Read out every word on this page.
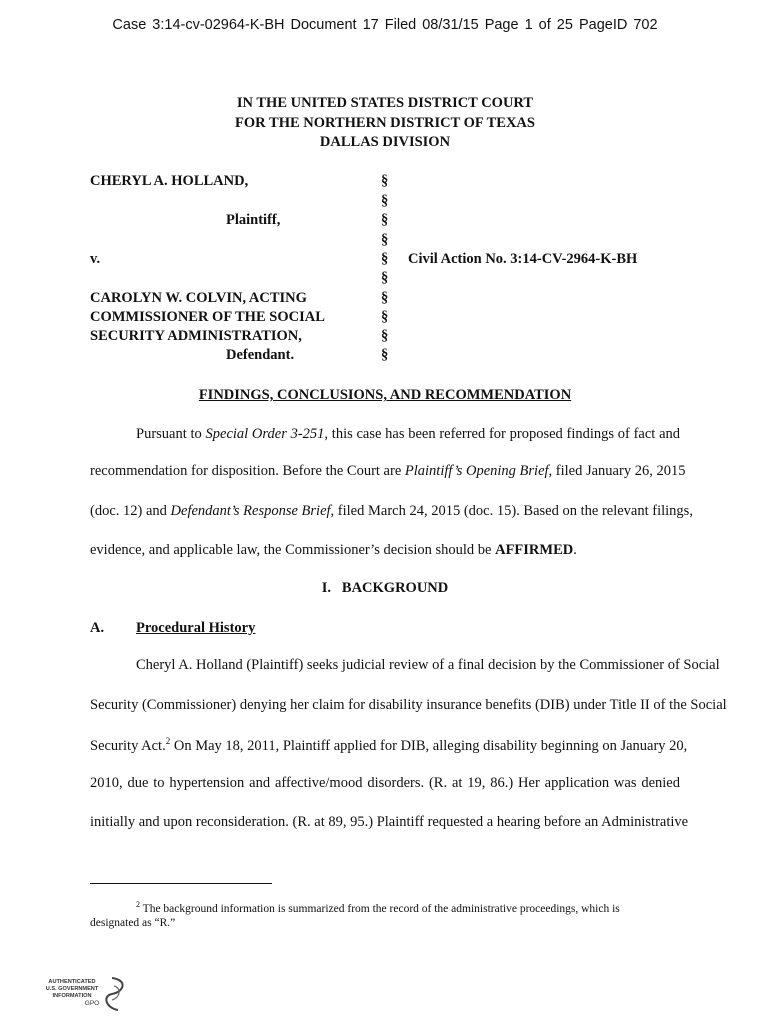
Case 3:14-cv-02964-K-BH Document 17 Filed 08/31/15 Page 1 of 25 PageID 702
IN THE UNITED STATES DISTRICT COURT
FOR THE NORTHERN DISTRICT OF TEXAS
DALLAS DIVISION
CHERYL A. HOLLAND,
Plaintiff,
v.
CAROLYN W. COLVIN, ACTING
COMMISSIONER OF THE SOCIAL
SECURITY ADMINISTRATION,
Defendant.
§
§
§
§
§
§
§
§
§
§
Civil Action No. 3:14-CV-2964-K-BH
FINDINGS, CONCLUSIONS, AND RECOMMENDATION
Pursuant to Special Order 3-251, this case has been referred for proposed findings of fact and
recommendation for disposition. Before the Court are Plaintiff’s Opening Brief, filed January 26, 2015
(doc. 12) and Defendant’s Response Brief, filed March 24, 2015 (doc. 15). Based on the relevant filings,
evidence, and applicable law, the Commissioner’s decision should be AFFIRMED.
I. BACKGROUND
A. Procedural History
Cheryl A. Holland (Plaintiff) seeks judicial review of a final decision by the Commissioner of Social
Security (Commissioner) denying her claim for disability insurance benefits (DIB) under Title II of the Social
Security Act.$^2$ On May 18, 2011, Plaintiff applied for DIB, alleging disability beginning on January 20,
2010, due to hypertension and affective/mood disorders. (R. at 19, 86.) Her application was denied
initially and upon reconsideration. (R. at 89, 95.) Plaintiff requested a hearing before an Administrative
$^2$ The background information is summarized from the record of the administrative proceedings, which is
designated as “R.”
AUTHENTICATED
U.S. GOVERNMENT
INFORMATION
GPO
